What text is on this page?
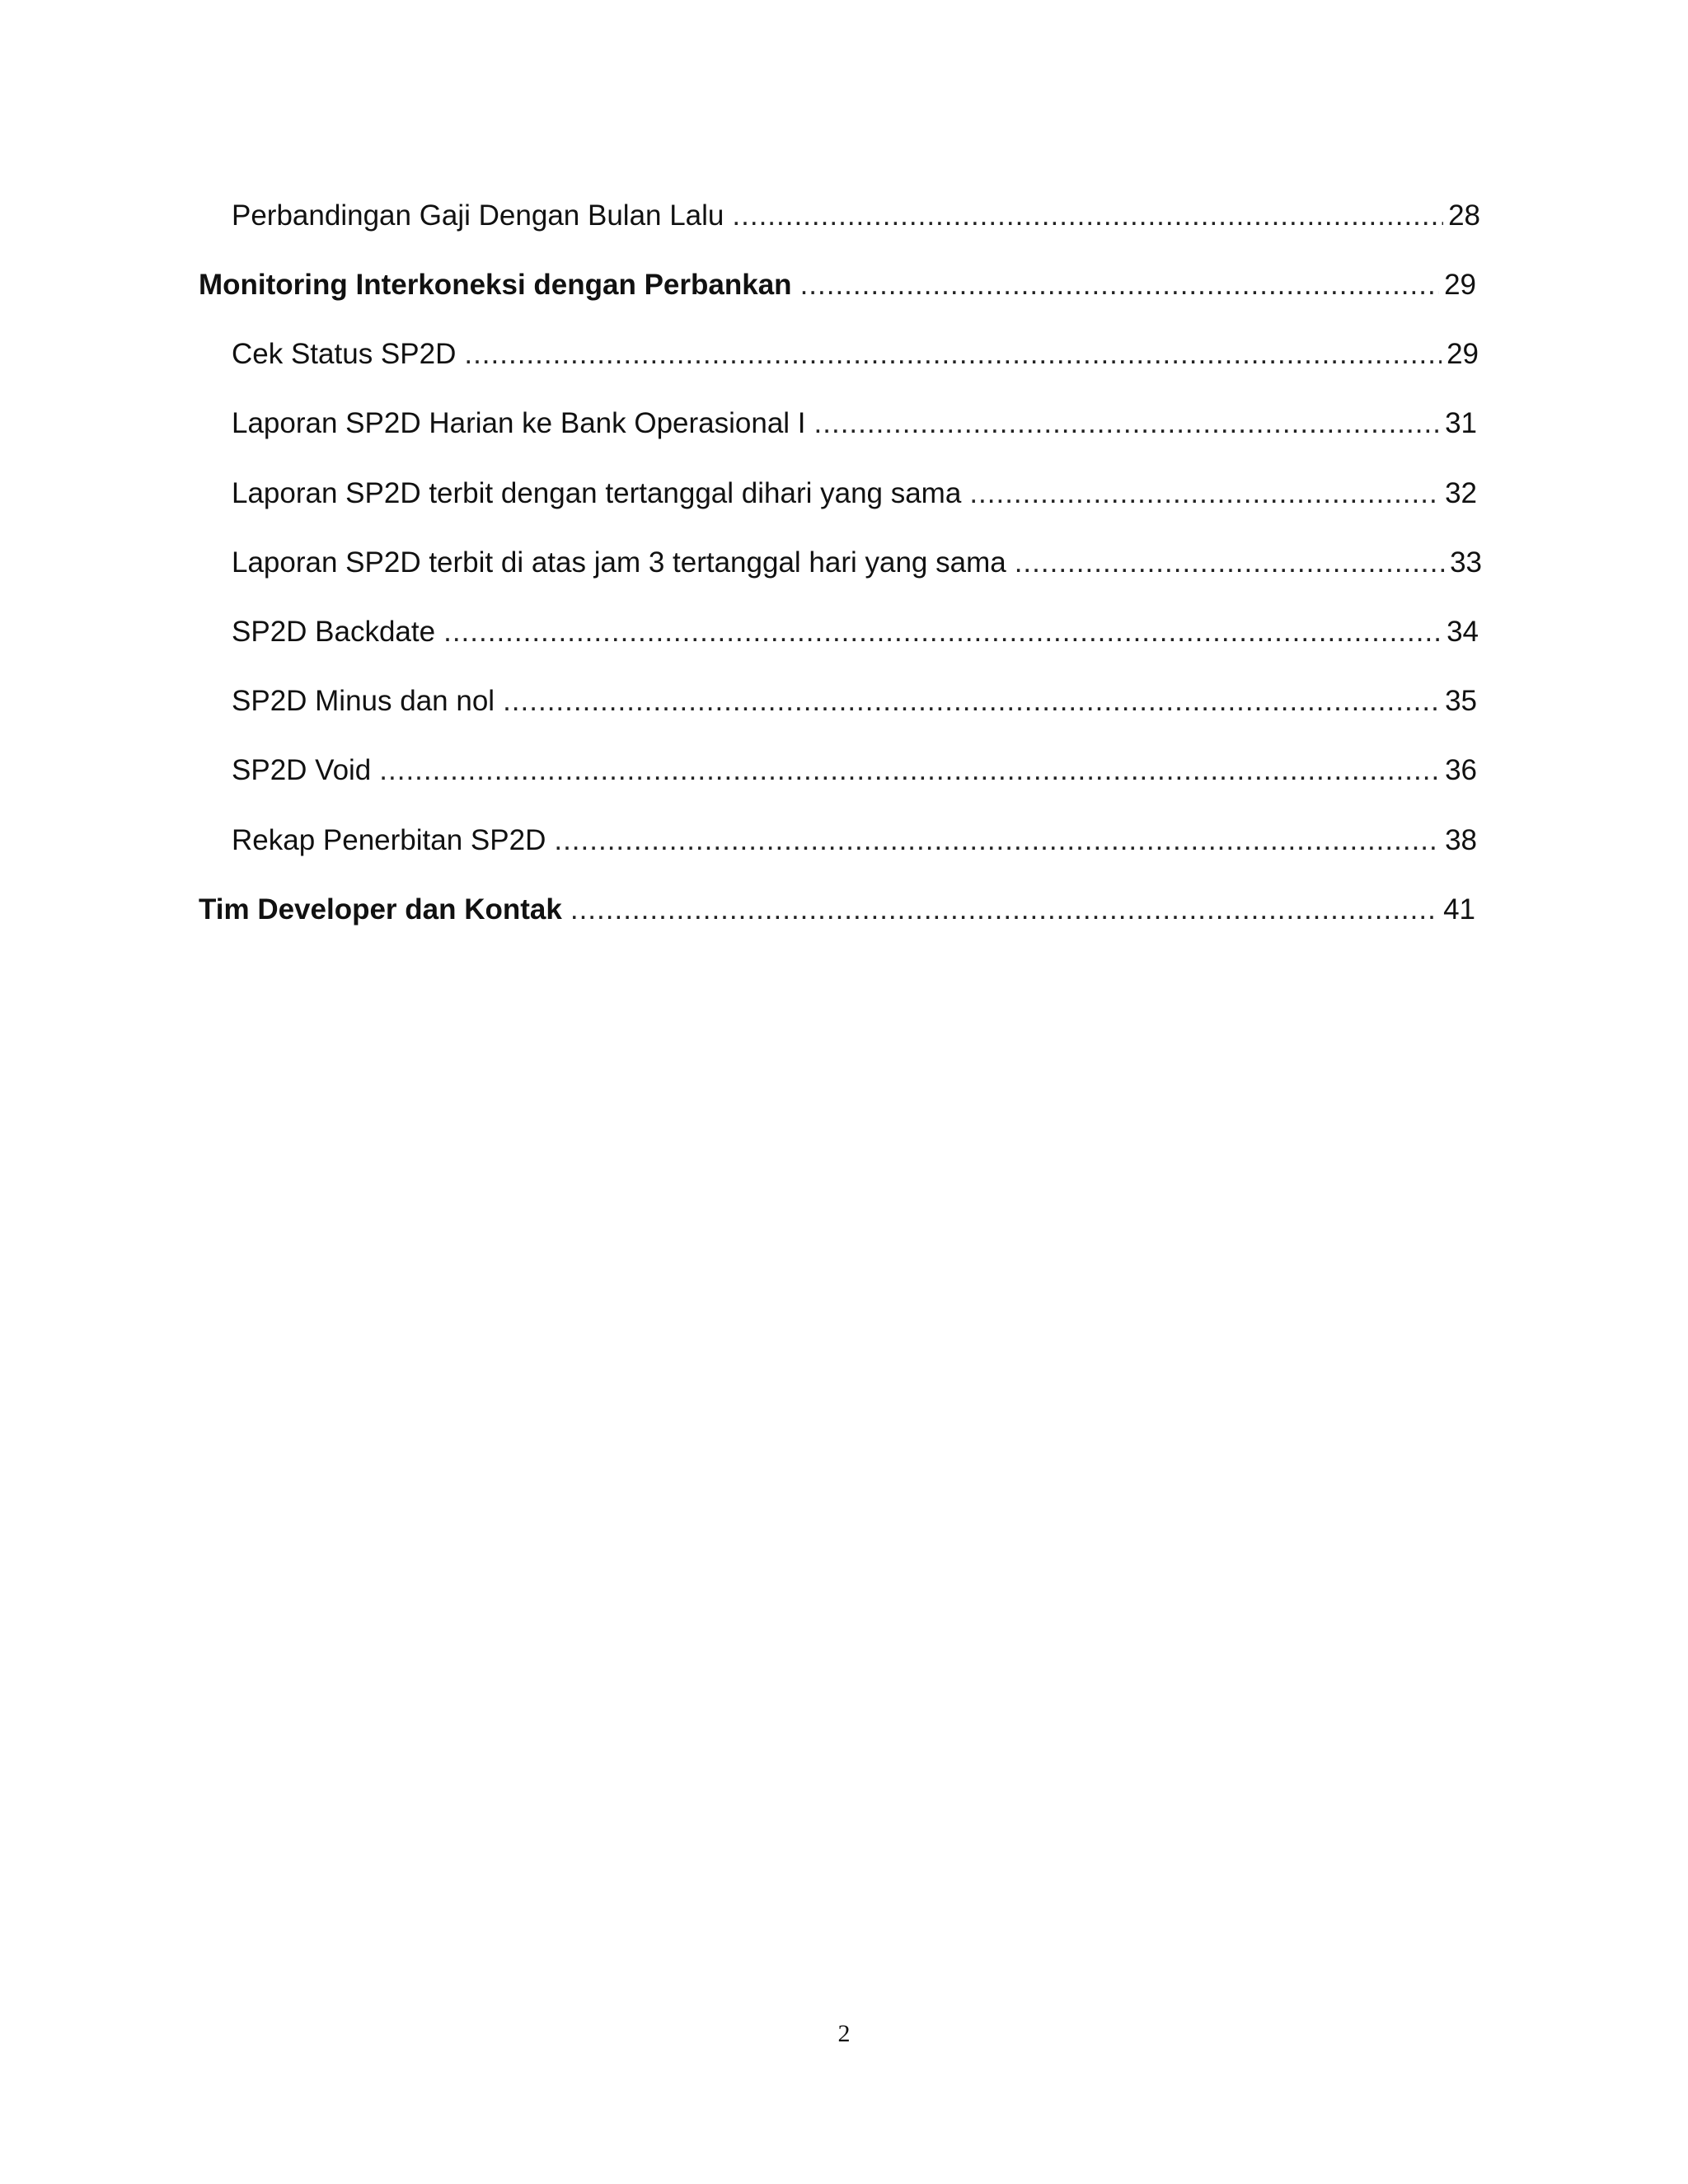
Perbandingan Gaji Dengan Bulan Lalu .....	28
Monitoring Interkoneksi dengan Perbankan .....	29
Cek Status SP2D .....	29
Laporan SP2D Harian ke Bank Operasional I .....	31
Laporan SP2D terbit dengan tertanggal dihari yang sama .....	32
Laporan SP2D terbit di atas jam 3 tertanggal hari yang sama .....	33
SP2D Backdate .....	34
SP2D Minus dan nol .....	35
SP2D Void .....	36
Rekap Penerbitan SP2D .....	38
Tim Developer dan Kontak .....	41
2
